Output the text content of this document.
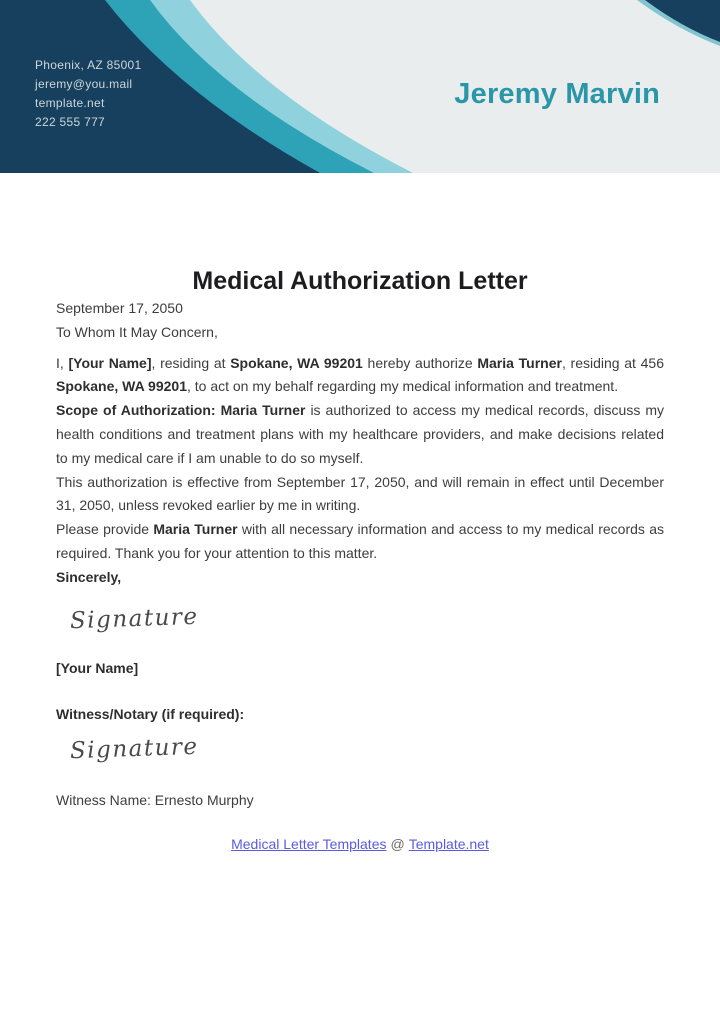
Phoenix, AZ 85001
jeremy@you.mail
template.net
222 555 777
Jeremy Marvin
Medical Authorization Letter
September 17, 2050
To Whom It May Concern,

I, [Your Name], residing at Spokane, WA 99201 hereby authorize Maria Turner, residing at 456 Spokane, WA 99201, to act on my behalf regarding my medical information and treatment.

Scope of Authorization: Maria Turner is authorized to access my medical records, discuss my health conditions and treatment plans with my healthcare providers, and make decisions related to my medical care if I am unable to do so myself.

This authorization is effective from September 17, 2050, and will remain in effect until December 31, 2050, unless revoked earlier by me in writing.

Please provide Maria Turner with all necessary information and access to my medical records as required. Thank you for your attention to this matter.

Sincerely,

Signature
[Your Name]
Witness/Notary (if required):
Signature
Witness Name: Ernesto Murphy
Medical Letter Templates @ Template.net
